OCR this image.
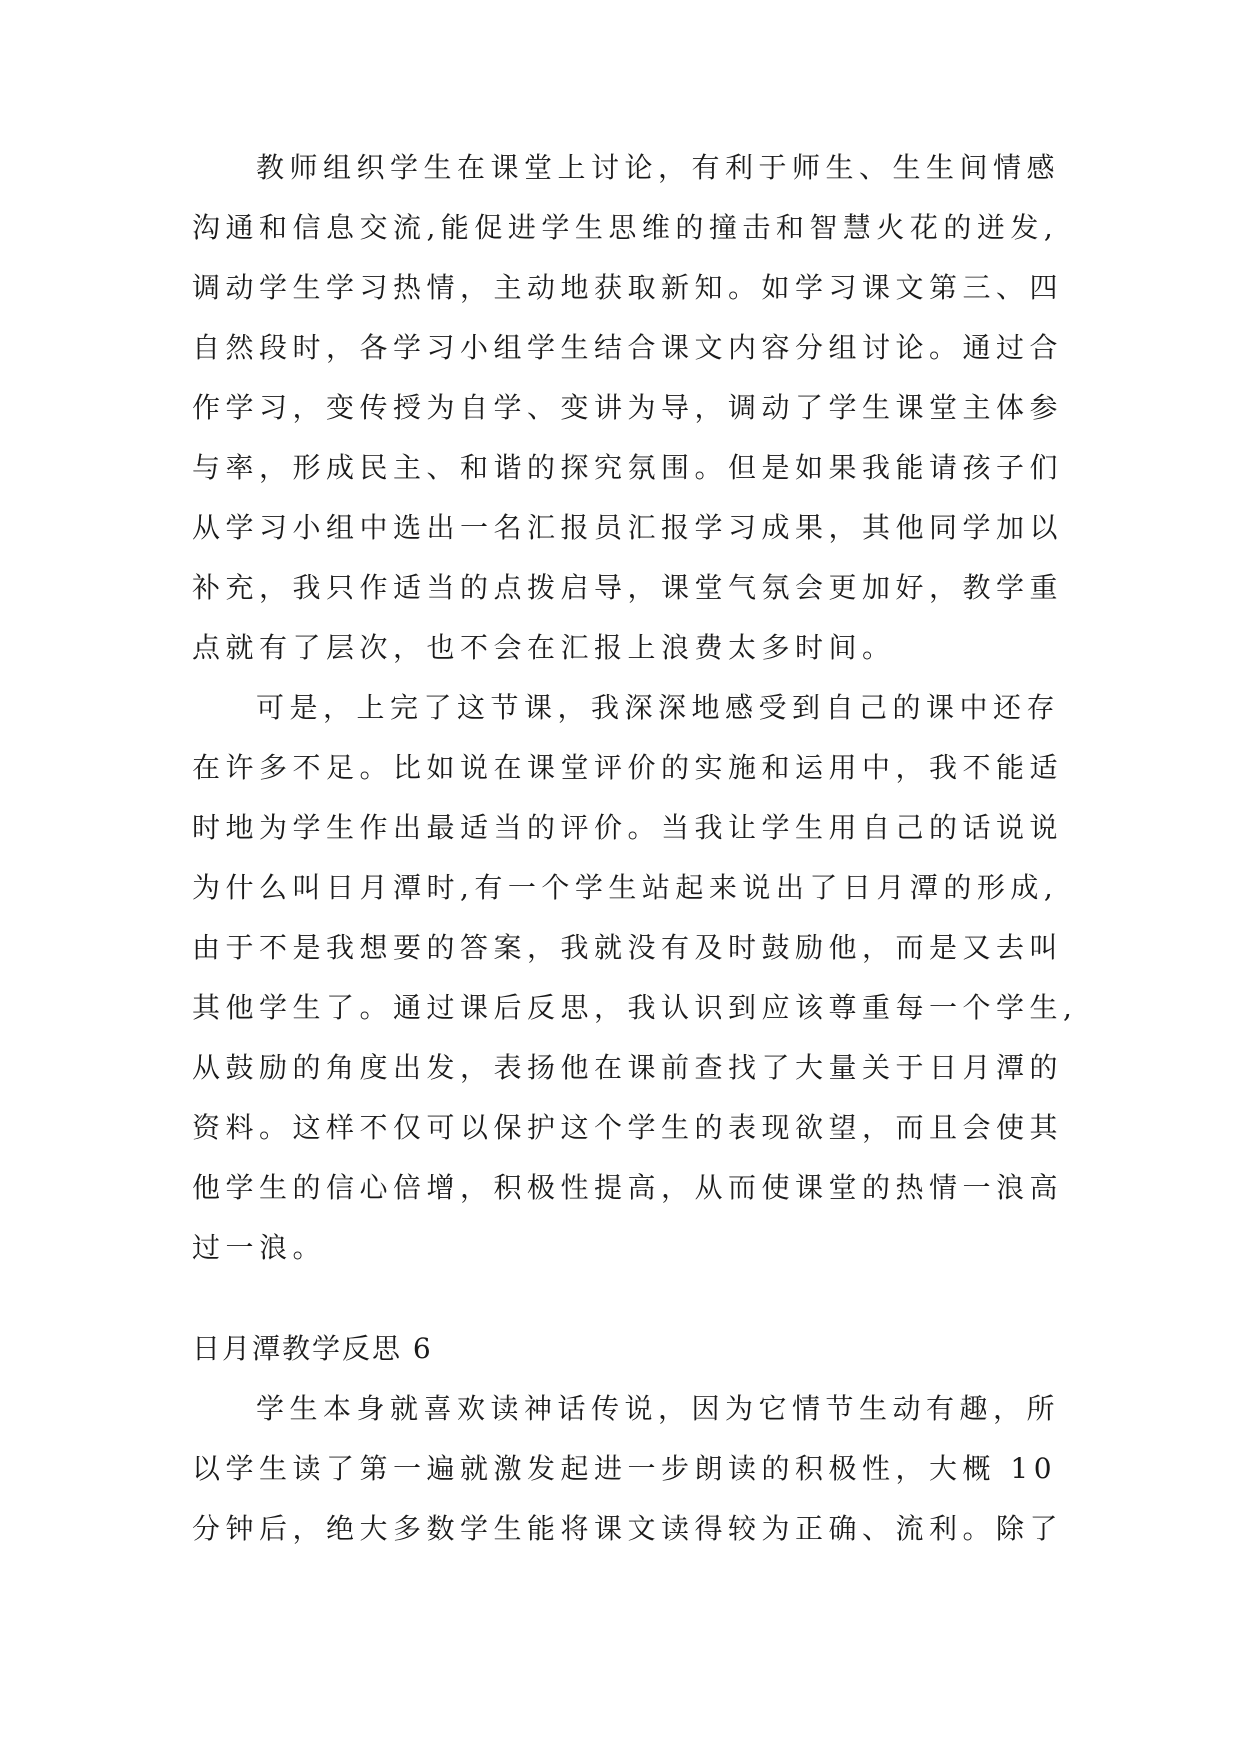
教师组织学生在课堂上讨论，有利于师生、生生间情感
沟通和信息交流,能促进学生思维的撞击和智慧火花的迸发,
调动学生学习热情，主动地获取新知。如学习课文第三、四
自然段时，各学习小组学生结合课文内容分组讨论。通过合
作学习，变传授为自学、变讲为导，调动了学生课堂主体参
与率，形成民主、和谐的探究氛围。但是如果我能请孩子们
从学习小组中选出一名汇报员汇报学习成果，其他同学加以
补充，我只作适当的点拨启导，课堂气氛会更加好，教学重
点就有了层次，也不会在汇报上浪费太多时间。
可是，上完了这节课，我深深地感受到自己的课中还存
在许多不足。比如说在课堂评价的实施和运用中，我不能适
时地为学生作出最适当的评价。当我让学生用自己的话说说
为什么叫日月潭时,有一个学生站起来说出了日月潭的形成,
由于不是我想要的答案，我就没有及时鼓励他，而是又去叫
其他学生了。通过课后反思，我认识到应该尊重每一个学生,
从鼓励的角度出发，表扬他在课前查找了大量关于日月潭的
资料。这样不仅可以保护这个学生的表现欲望，而且会使其
他学生的信心倍增，积极性提高，从而使课堂的热情一浪高
过一浪。
日月潭教学反思 6
学生本身就喜欢读神话传说，因为它情节生动有趣，所
以学生读了第一遍就激发起进一步朗读的积极性，大概 10
分钟后，绝大多数学生能将课文读得较为正确、流利。除了
